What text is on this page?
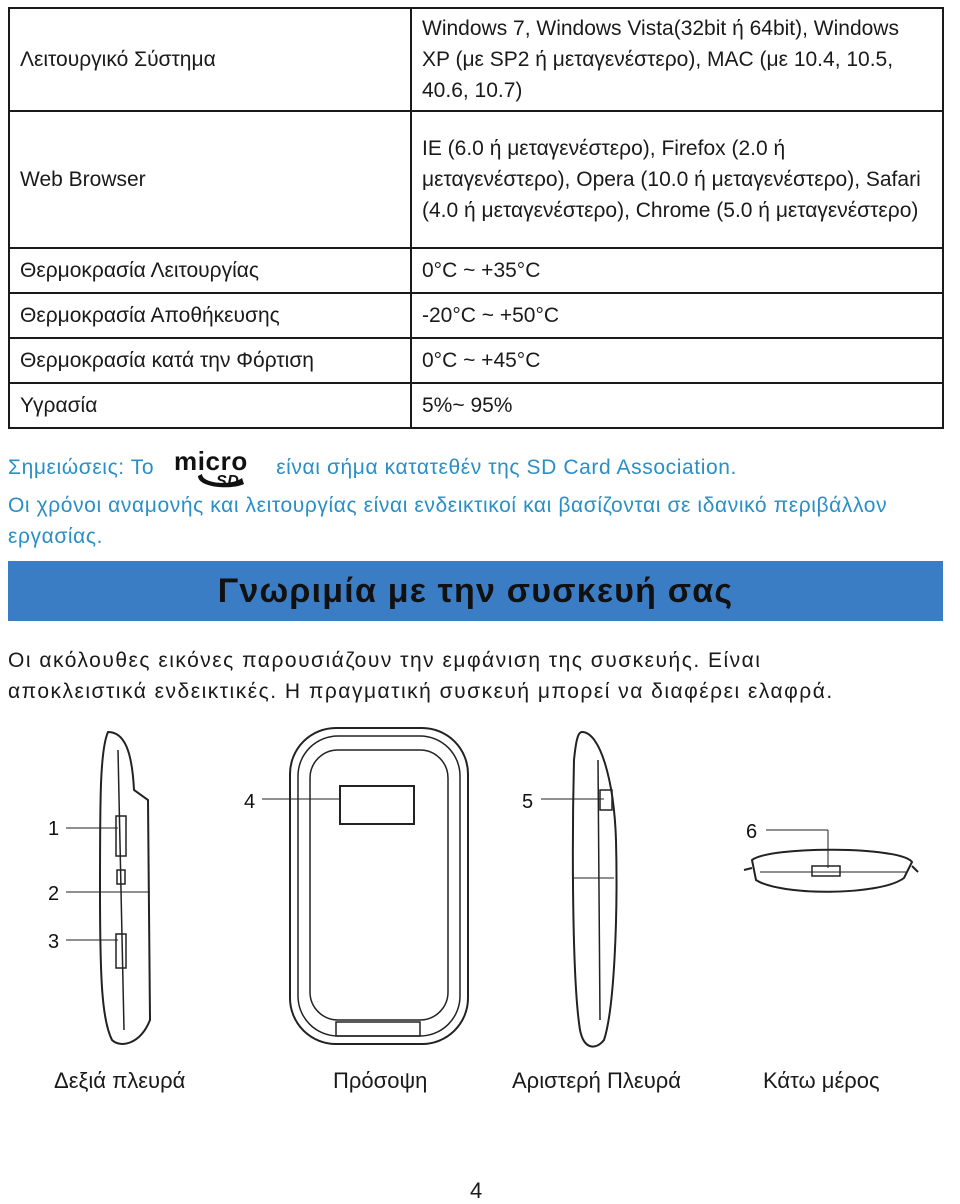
Λειτουργικό Σύστημα	Windows 7, Windows Vista(32bit ή 64bit), Windows XP (με SP2 ή μεταγενέστερο), MAC (με 10.4, 10.5, 40.6, 10.7)
Web Browser	IE (6.0 ή μεταγενέστερο), Firefox (2.0 ή μεταγενέστερο), Opera (10.0 ή μεταγενέστερο), Safari (4.0 ή μεταγενέστερο), Chrome (5.0 ή μεταγενέστερο)
Θερμοκρασία Λειτουργίας	0°C ~ +35°C
Θερμοκρασία Αποθήκευσης	-20°C ~ +50°C
Θερμοκρασία κατά την Φόρτιση	0°C ~ +45°C
Υγρασία	5%~ 95%
Σημειώσεις: Το micro
SD
είναι σήμα κατατεθέν της SD Card Association.
Οι χρόνοι αναμονής και λειτουργίας είναι ενδεικτικοί και βασίζονται σε ιδανικό περιβάλλον εργασίας.
Γνωριμία με την συσκευή σας

Οι ακόλουθες εικόνες παρουσιάζουν την εμφάνιση της συσκευής. Είναι

αποκλειστικά ενδεικτικές. Η πραγματική συσκευή μπορεί να διαφέρει ελαφρά.

1
2
3
4	5
6
Δεξιά πλευρά	Πρόσοψη	Αριστερή Πλευρά	Κάτω μέρος
4
